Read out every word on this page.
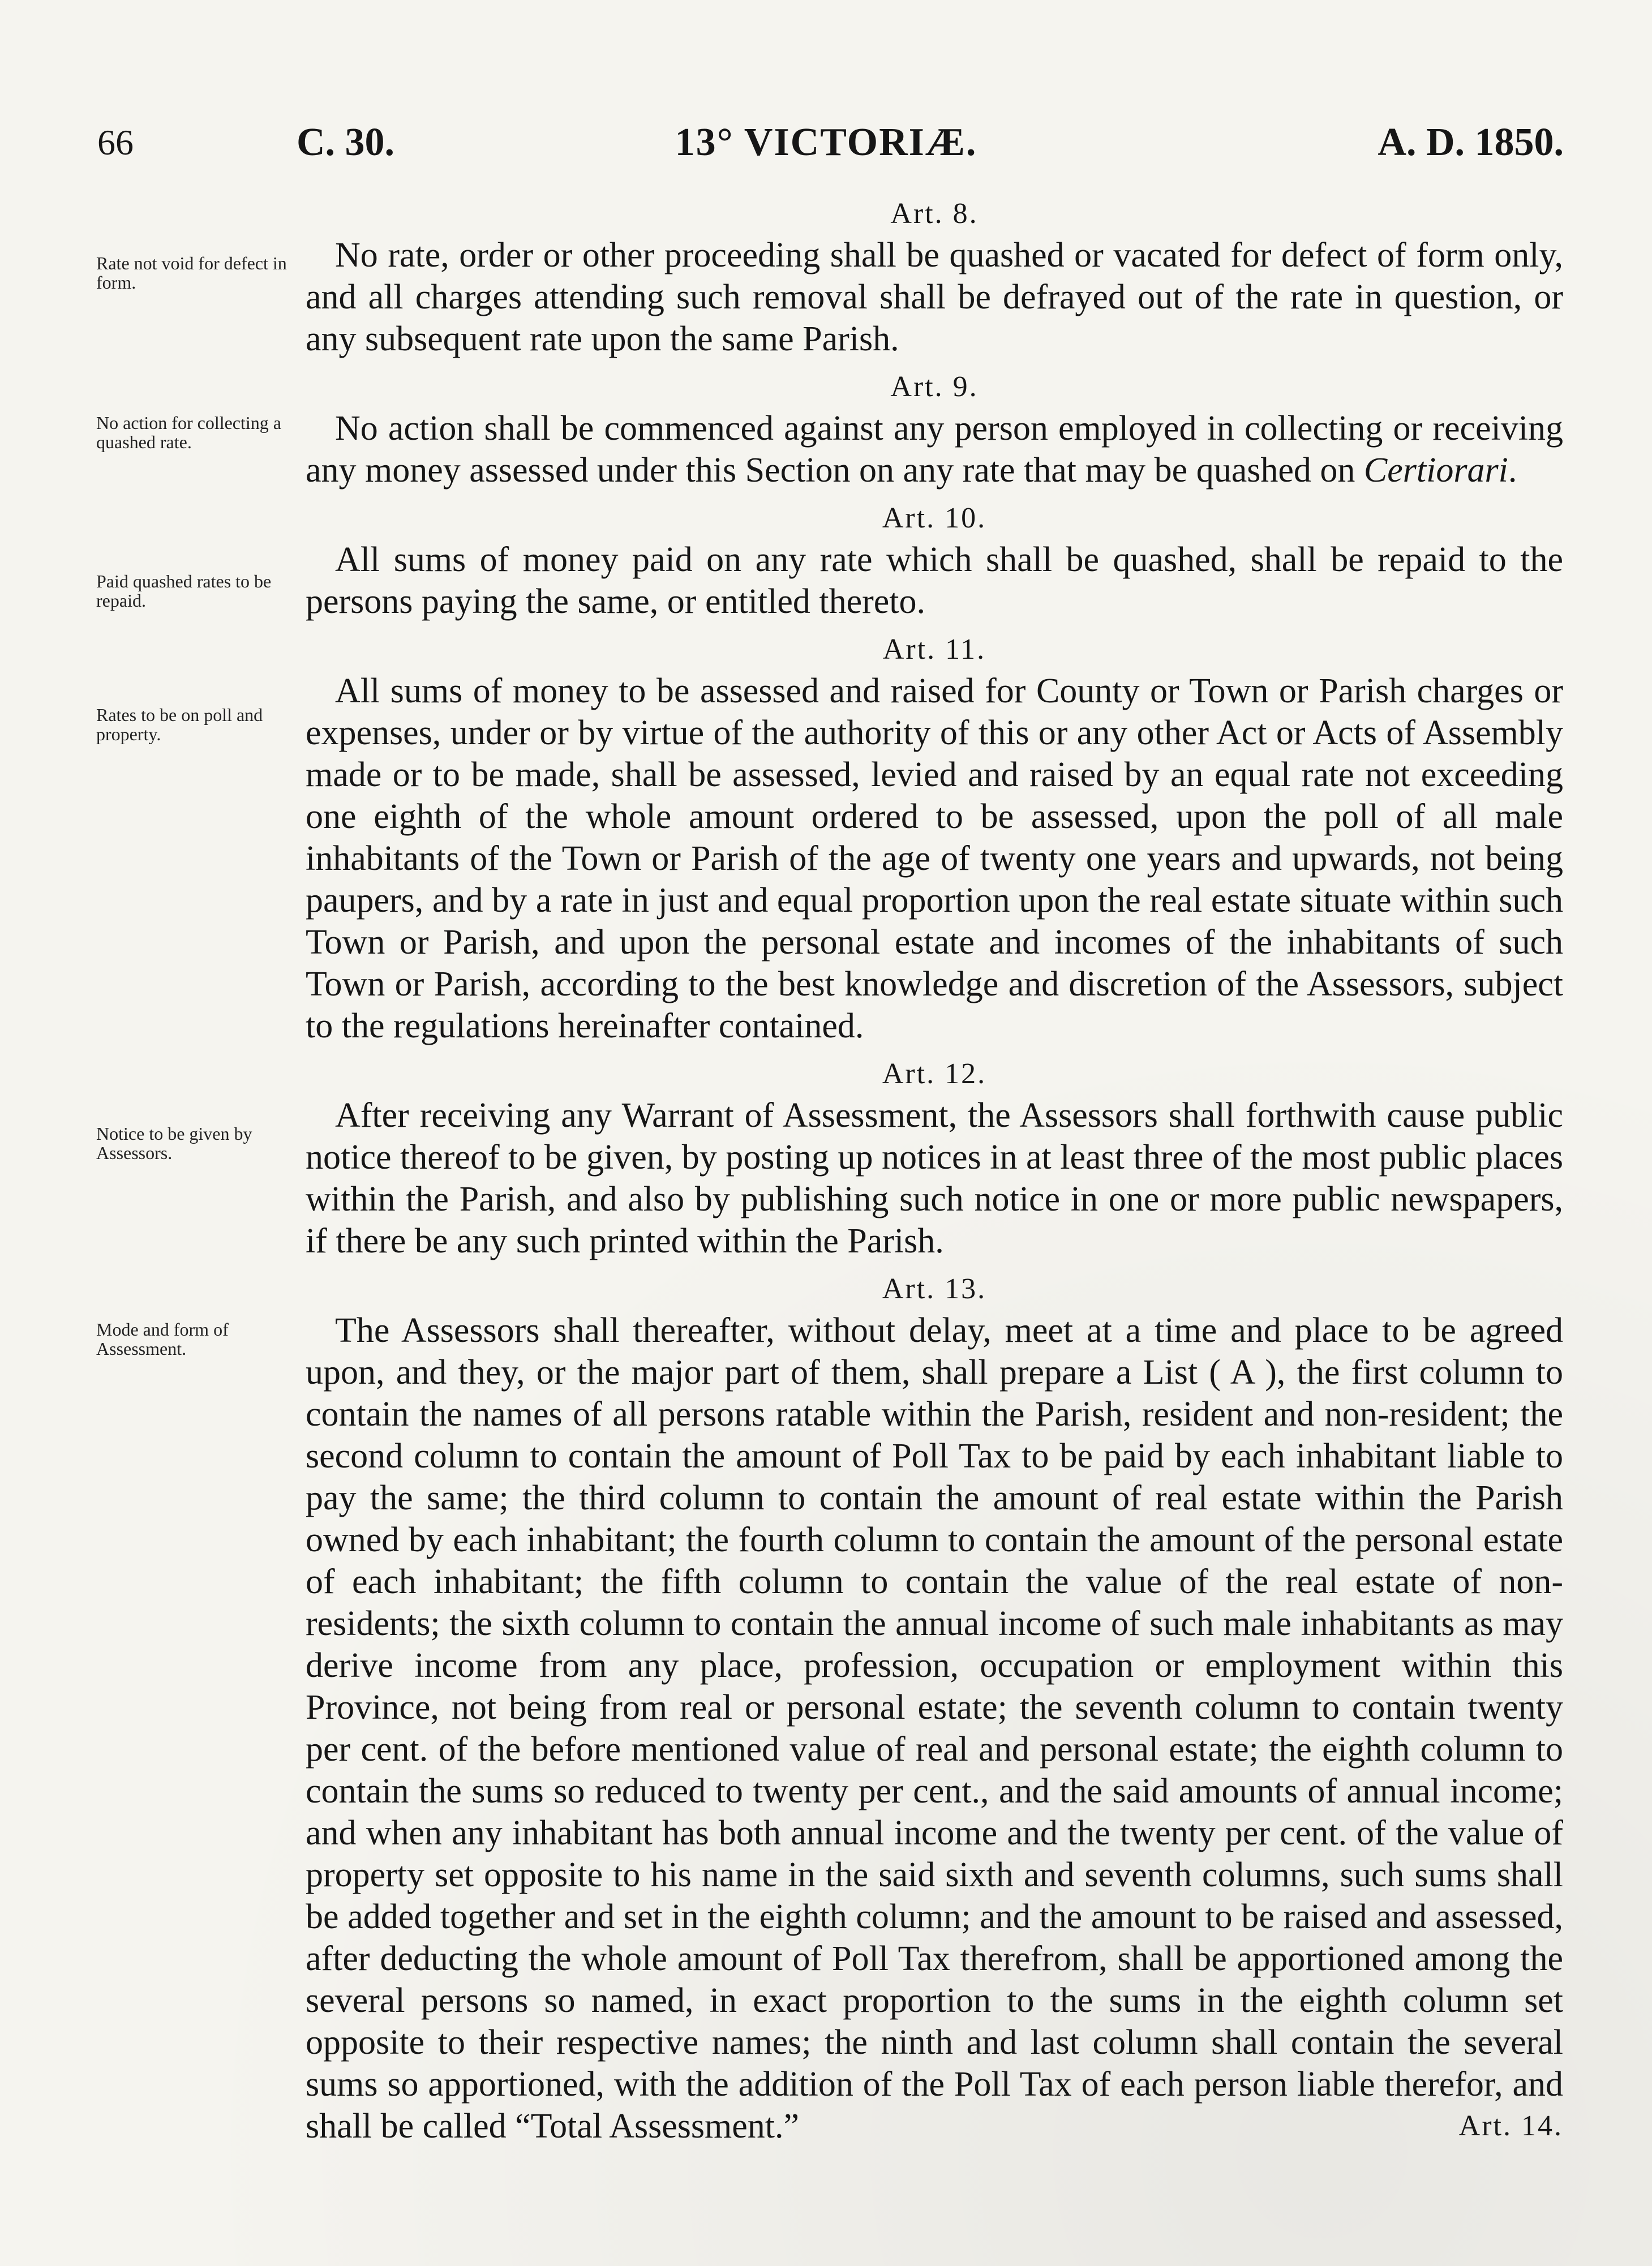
66	C. 30.	13° VICTORIÆ.	A. D. 1850.
Rate not void for defect in form.
No action for collecting a quashed rate.
Paid quashed rates to be repaid.
Rates to be on poll and property.
Notice to be given by Assessors.
Mode and form of Assessment.
Art. 8.

No rate, order or other proceeding shall be quashed or vacated for defect of form only, and all charges attending such removal shall be defrayed out of the rate in question, or any subsequent rate upon the same Parish.

Art. 9.

No action shall be commenced against any person employed in collecting or receiving any money assessed under this Section on any rate that may be quashed on Certiorari.

Art. 10.

All sums of money paid on any rate which shall be quashed, shall be repaid to the persons paying the same, or entitled thereto.

Art. 11.

All sums of money to be assessed and raised for County or Town or Parish charges or expenses, under or by virtue of the authority of this or any other Act or Acts of Assembly made or to be made, shall be assessed, levied and raised by an equal rate not exceeding one eighth of the whole amount ordered to be assessed, upon the poll of all male inhabitants of the Town or Parish of the age of twenty one years and upwards, not being paupers, and by a rate in just and equal proportion upon the real estate situate within such Town or Parish, and upon the personal estate and incomes of the inhabitants of such Town or Parish, according to the best knowledge and discretion of the Assessors, subject to the regulations hereinafter contained.

Art. 12.

After receiving any Warrant of Assessment, the Assessors shall forthwith cause public notice thereof to be given, by posting up notices in at least three of the most public places within the Parish, and also by publishing such notice in one or more public newspapers, if there be any such printed within the Parish.

Art. 13.

The Assessors shall thereafter, without delay, meet at a time and place to be agreed upon, and they, or the major part of them, shall prepare a List ( A ), the first column to contain the names of all persons ratable within the Parish, resident and non-resident; the second column to contain the amount of Poll Tax to be paid by each inhabitant liable to pay the same; the third column to contain the amount of real estate within the Parish owned by each inhabitant; the fourth column to contain the amount of the personal estate of each inhabitant; the fifth column to contain the value of the real estate of non-residents; the sixth column to contain the annual income of such male inhabitants as may derive income from any place, profession, occupation or employment within this Province, not being from real or personal estate; the seventh column to contain twenty per cent. of the before mentioned value of real and personal estate; the eighth column to contain the sums so reduced to twenty per cent., and the said amounts of annual income; and when any inhabitant has both annual income and the twenty per cent. of the value of property set opposite to his name in the said sixth and seventh columns, such sums shall be added together and set in the eighth column; and the amount to be raised and assessed, after deducting the whole amount of Poll Tax therefrom, shall be apportioned among the several persons so named, in exact proportion to the sums in the eighth column set opposite to their respective names; the ninth and last column shall contain the several sums so apportioned, with the addition of the Poll Tax of each person liable therefor, and shall be called “Total Assessment.”	Art. 14.
